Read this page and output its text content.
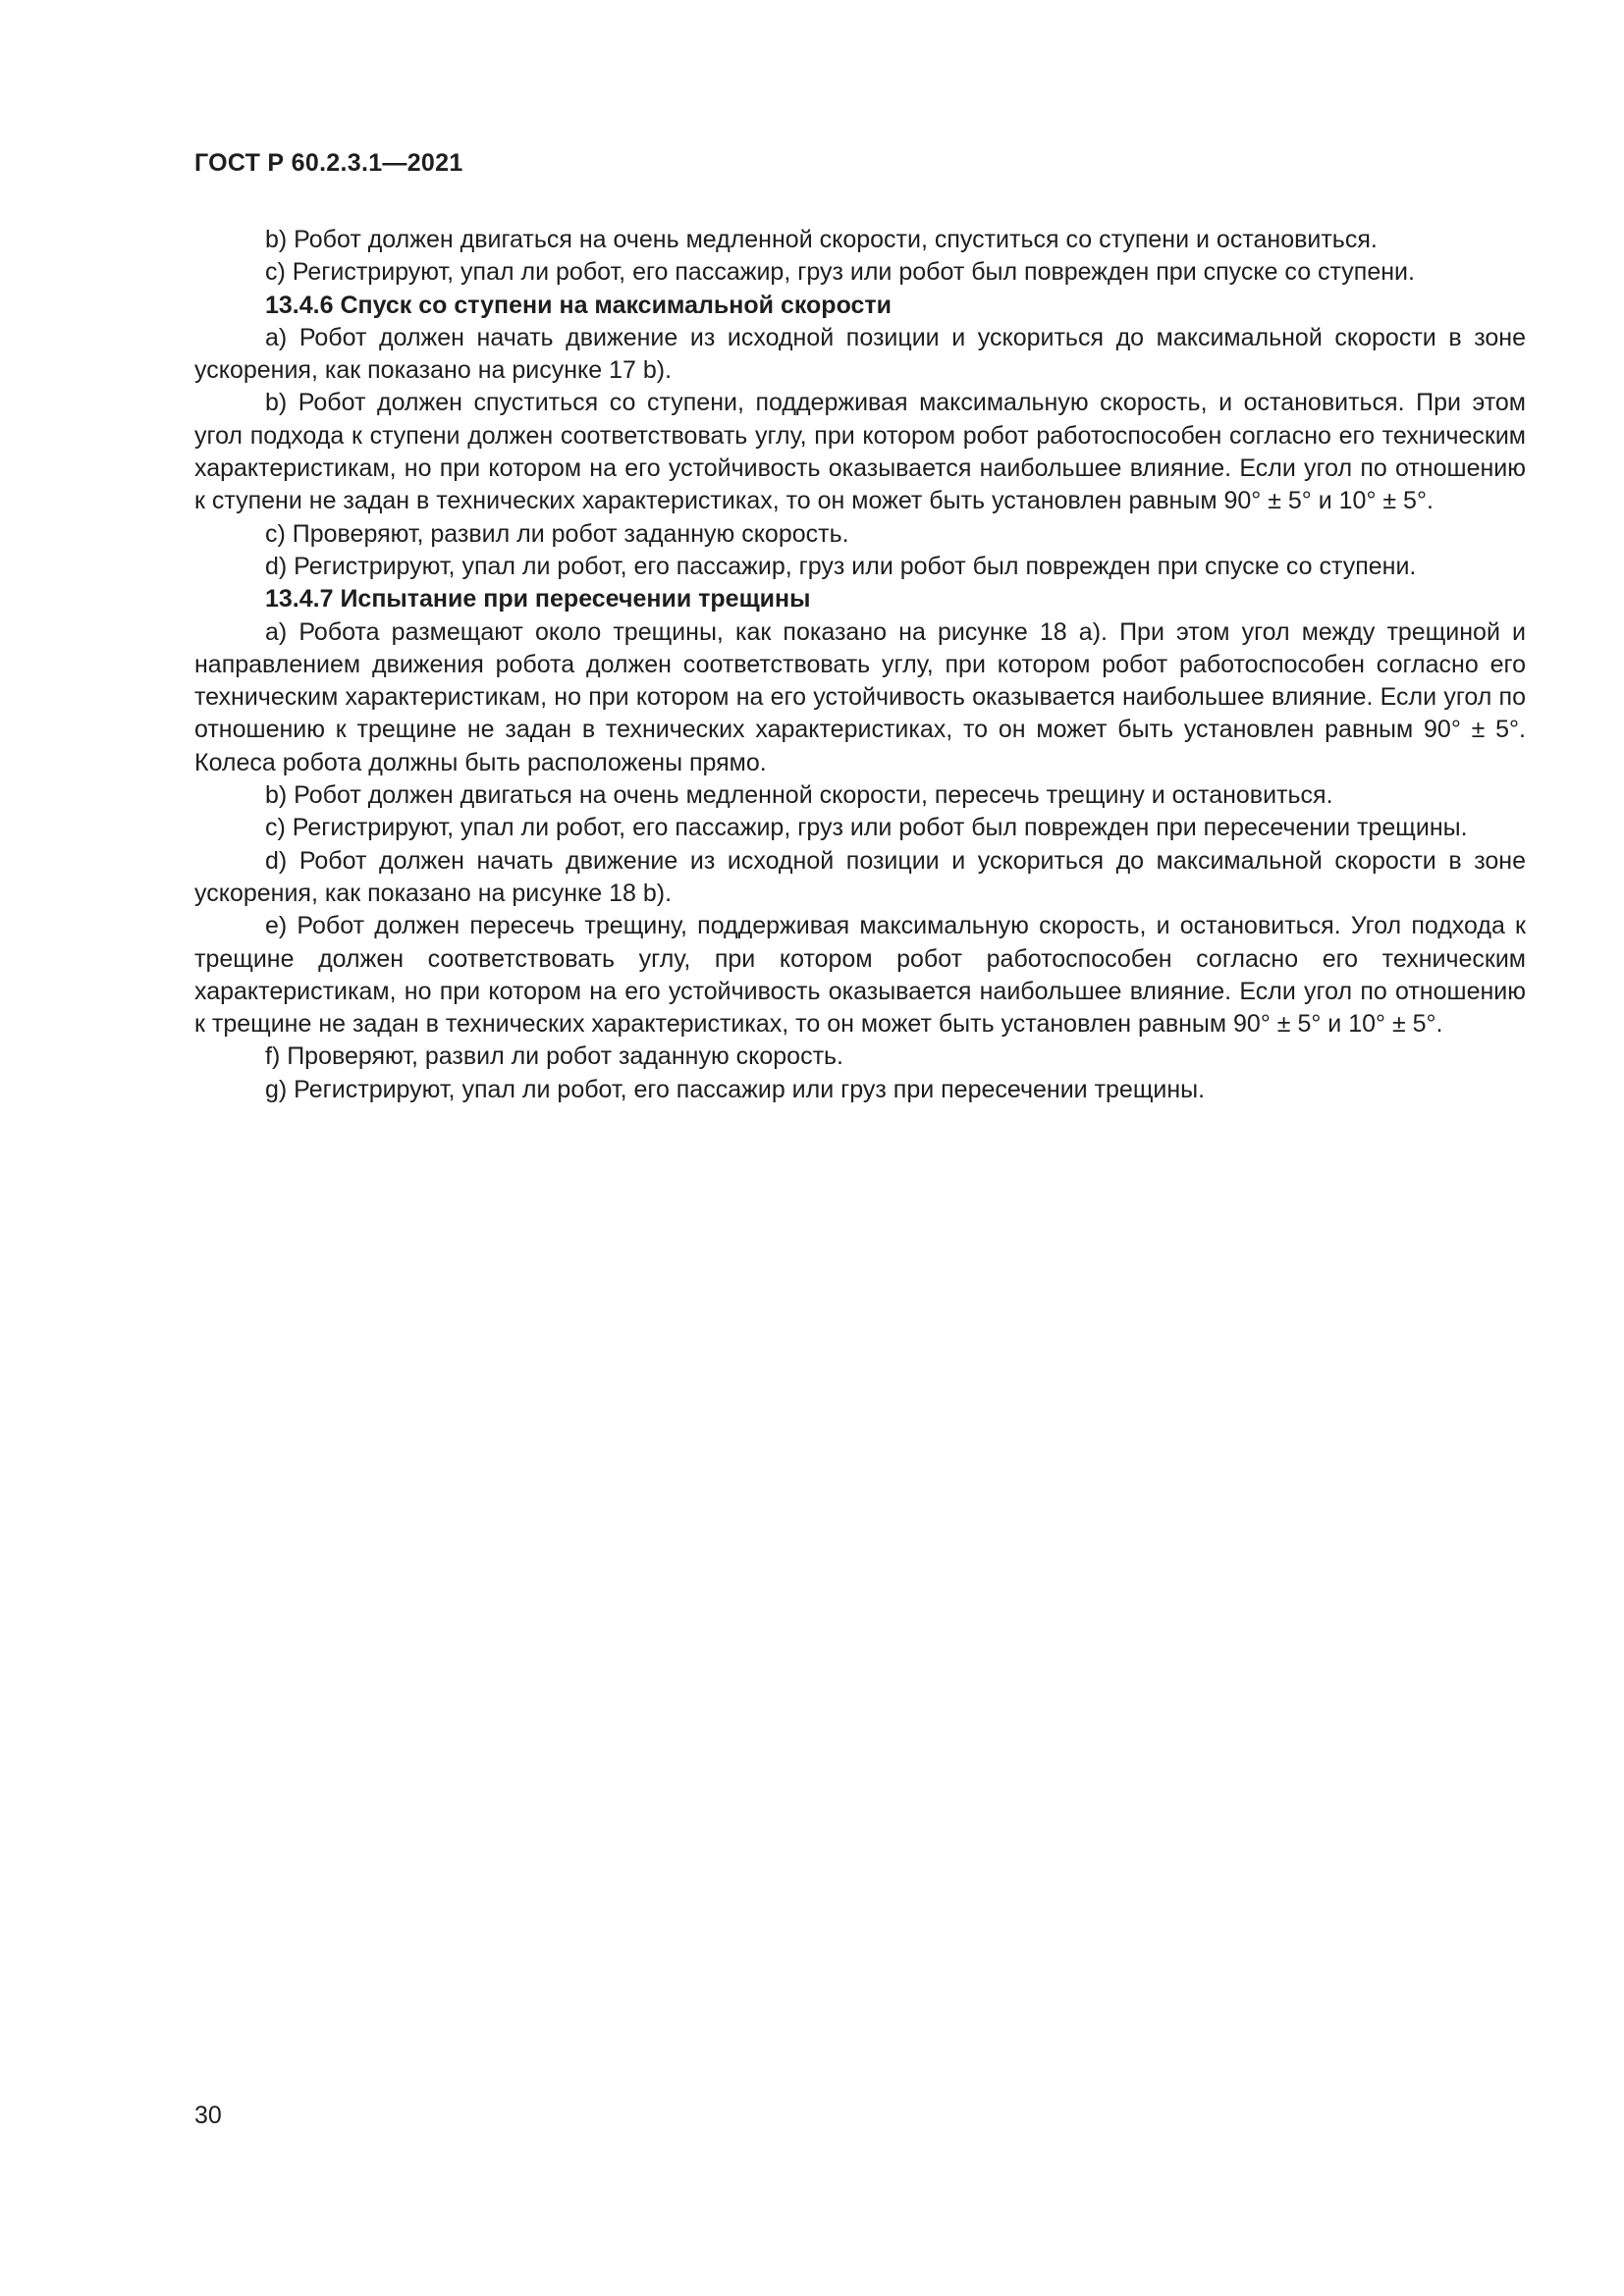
ГОСТ Р 60.2.3.1—2021

b) Робот должен двигаться на очень медленной скорости, спуститься со ступени и остановиться.

c) Регистрируют, упал ли робот, его пассажир, груз или робот был поврежден при спуске со ступени.

13.4.6 Спуск со ступени на максимальной скорости

a) Робот должен начать движение из исходной позиции и ускориться до максимальной скорости в зоне ускорения, как показано на рисунке 17 b).

b) Робот должен спуститься со ступени, поддерживая максимальную скорость, и остановиться. При этом угол подхода к ступени должен соответствовать углу, при котором робот работоспособен согласно его техническим характеристикам, но при котором на его устойчивость оказывается наибольшее влияние. Если угол по отношению к ступени не задан в технических характеристиках, то он может быть установлен равным 90° ± 5° и 10° ± 5°.

c) Проверяют, развил ли робот заданную скорость.

d) Регистрируют, упал ли робот, его пассажир, груз или робот был поврежден при спуске со ступени.

13.4.7 Испытание при пересечении трещины

a) Робота размещают около трещины, как показано на рисунке 18 a). При этом угол между трещиной и направлением движения робота должен соответствовать углу, при котором робот работоспособен согласно его техническим характеристикам, но при котором на его устойчивость оказывается наибольшее влияние. Если угол по отношению к трещине не задан в технических характеристиках, то он может быть установлен равным 90° ± 5°. Колеса робота должны быть расположены прямо.

b) Робот должен двигаться на очень медленной скорости, пересечь трещину и остановиться.

c) Регистрируют, упал ли робот, его пассажир, груз или робот был поврежден при пересечении трещины.

d) Робот должен начать движение из исходной позиции и ускориться до максимальной скорости в зоне ускорения, как показано на рисунке 18 b).

e) Робот должен пересечь трещину, поддерживая максимальную скорость, и остановиться. Угол подхода к трещине должен соответствовать углу, при котором робот работоспособен согласно его техническим характеристикам, но при котором на его устойчивость оказывается наибольшее влияние. Если угол по отношению к трещине не задан в технических характеристиках, то он может быть установлен равным 90° ± 5° и 10° ± 5°.

f) Проверяют, развил ли робот заданную скорость.

g) Регистрируют, упал ли робот, его пассажир или груз при пересечении трещины.

30
